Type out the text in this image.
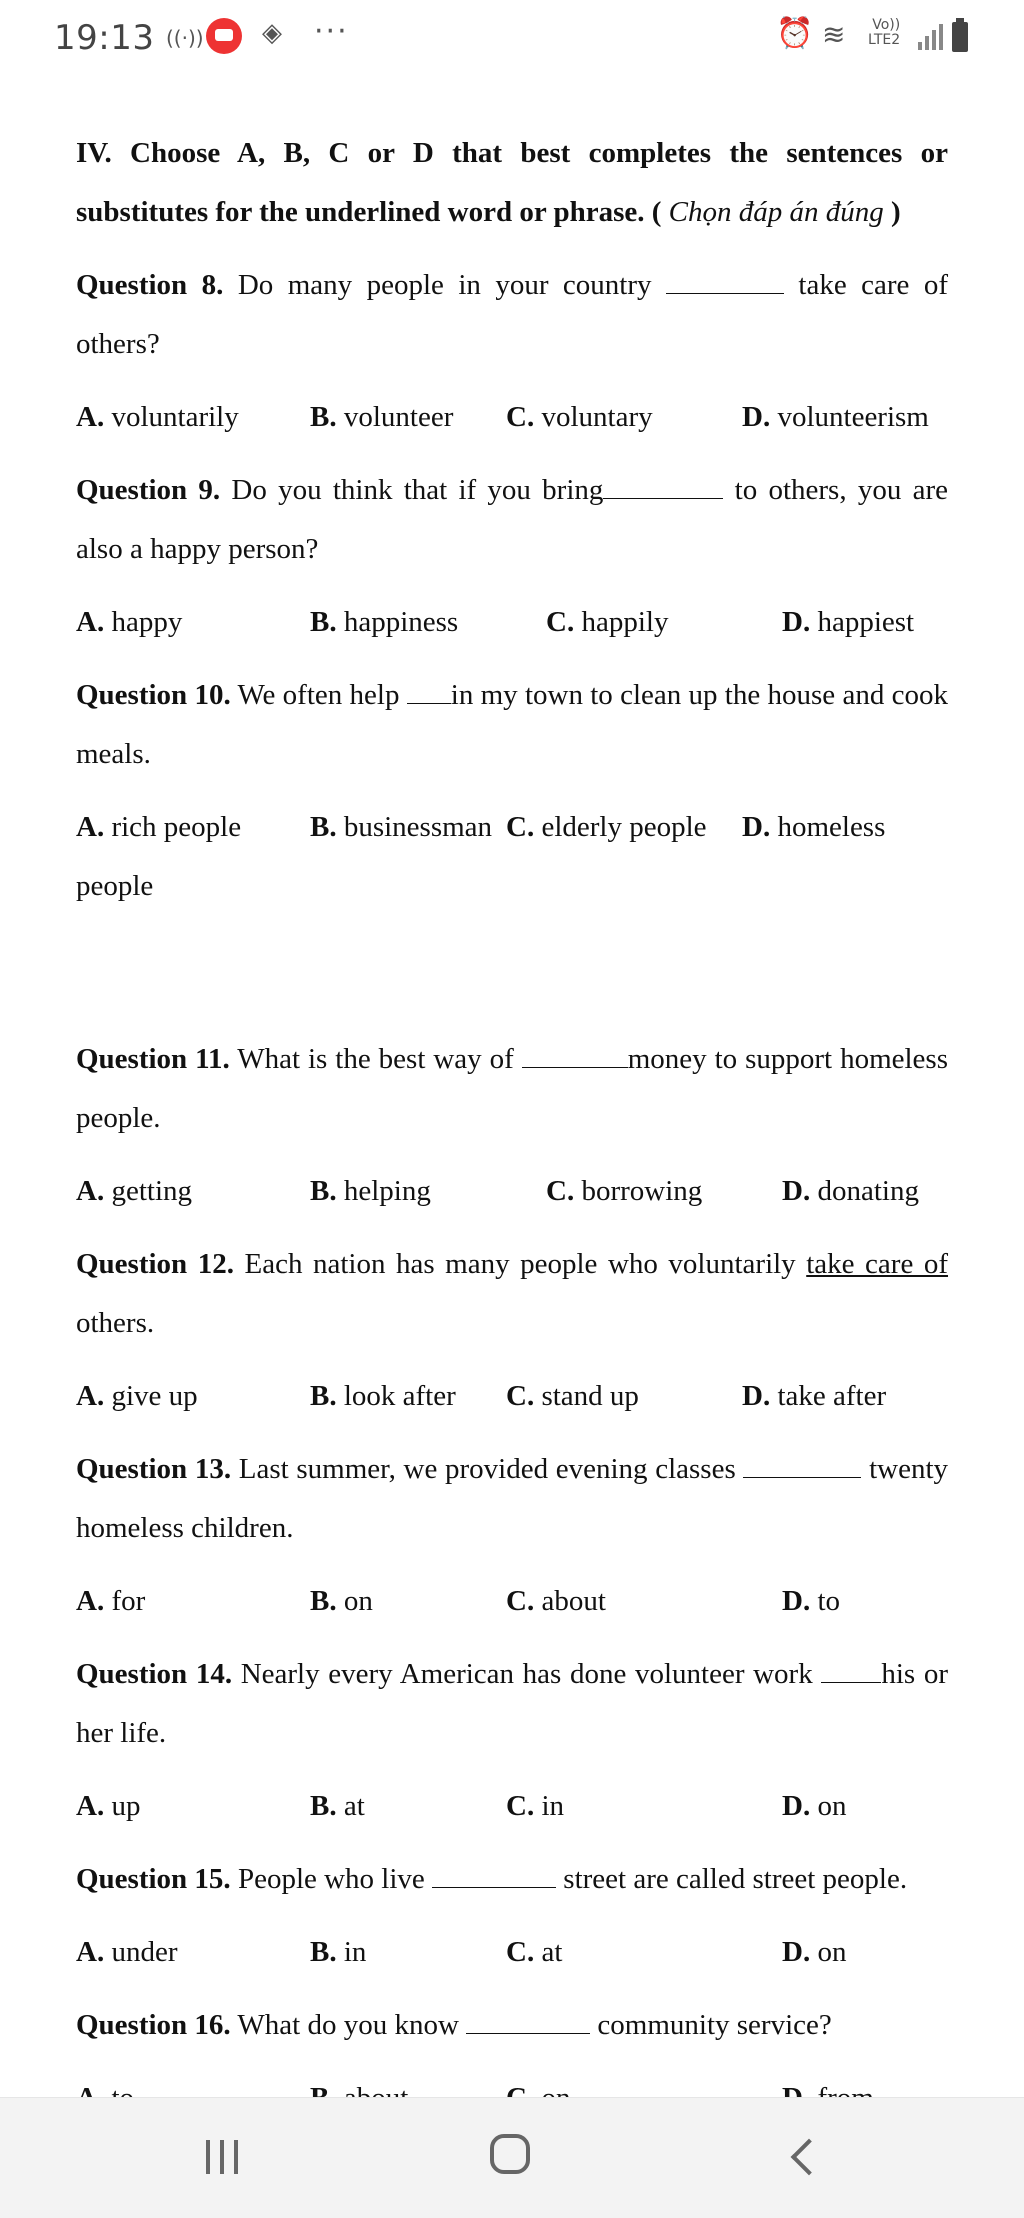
19:13 ((·)) ◈ ···	⏰ ≋	Vo))
LTE2

IV. Choose A, B, C or D that best completes the sentences or substitutes for the underlined word or phrase. ( Chọn đáp án đúng )

Question 8. Do many people in your country	take care of others?

A. voluntarily B. volunteer C. voluntary	D. volunteerism

Question 9. Do you think that if you bring	to others, you are also a happy person?

A. happy	B. happiness	C. happily	D. happiest

Question 10. We often help in my town to clean up the house and cook meals.

A. rich people B. businessman C. elderly people D. homeless

people

Question 11. What is the best way of	money to support homeless people.

A. getting	B. helping	C. borrowing	D. donating

Question 12. Each nation has many people who voluntarily take care of others.

A. give up	B. look after C. stand up	D. take after

Question 13. Last summer, we provided evening classes	twenty homeless children.

A. for	B. on	C. about	D. to

Question 14. Nearly every American has done volunteer work his or her life.

A. up	B. at	C. in	D. on

Question 15. People who live	street are called street people.

A. under	B. in	C. at	D. on

Question 16. What do you know	community service?
